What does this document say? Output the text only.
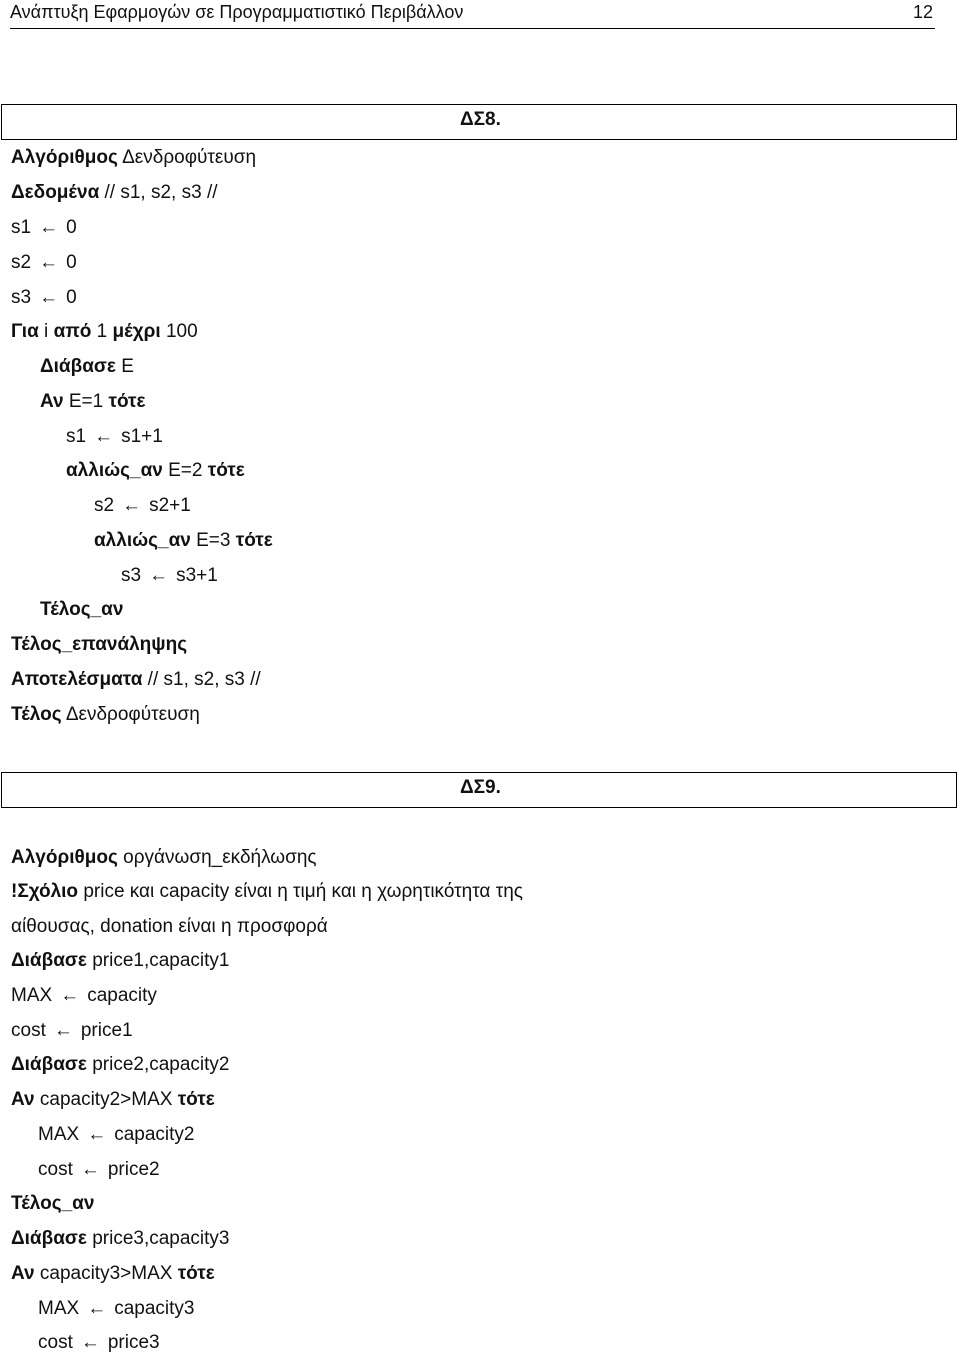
Ανάπτυξη Εφαρμογών σε Προγραμματιστικό Περιβάλλον	12
ΔΣ8.
ΔΣ9.
Αλγόριθμος Δενδροφύτευση
Δεδομένα // s1, s2, s3 //
s1 ← 0
s2 ← 0
s3 ← 0
Για i από 1 μέχρι 100
Διάβασε Ε
Αν Ε=1 τότε
s1 ← s1+1
αλλιώς_αν Ε=2 τότε
s2 ← s2+1
αλλιώς_αν Ε=3 τότε
s3 ← s3+1
Τέλος_αν
Τέλος_επανάληψης
Αποτελέσματα // s1, s2, s3 //
Τέλος Δενδροφύτευση
Αλγόριθμος οργάνωση_εκδήλωσης
!Σχόλιο price και capacity είναι η τιμή και η χωρητικότητα της
αίθουσας, donation είναι η προσφορά
Διάβασε price1,capacity1
MAX ← capacity
cost ← price1
Διάβασε price2,capacity2
Αν capacity2>MAX τότε
MAX ← capacity2
cost ← price2
Τέλος_αν
Διάβασε price3,capacity3
Αν capacity3>MAX τότε
MAX ← capacity3
cost ← price3
